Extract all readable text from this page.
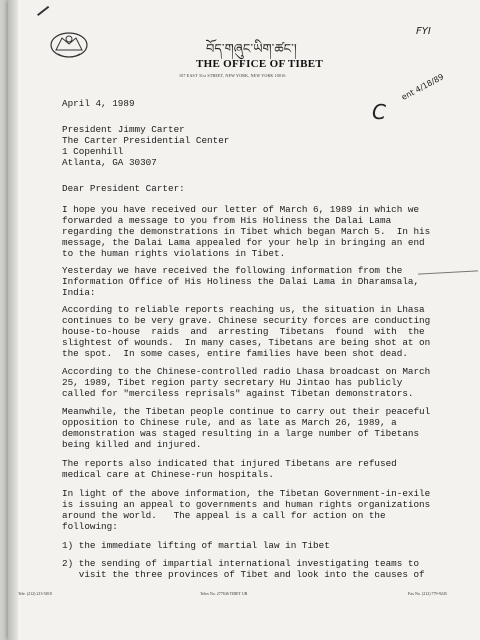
བོད་གཞུང་ཡིག་ཚང་།
THE OFFICE OF TIBET
107 EAST 31st STREET, NEW YORK, NEW YORK 10016
FYI
C
ent 4/18/89
April 4, 1989
President Jimmy Carter
The Carter Presidential Center
1 Copenhill
Atlanta, GA 30307
Dear President Carter:
I hope you have received our letter of March 6, 1989 in which we
forwarded a message to you from His Holiness the Dalai Lama
regarding the demonstrations in Tibet which began March 5.  In his
message, the Dalai Lama appealed for your help in bringing an end
to the human rights violations in Tibet.
Yesterday we have received the following information from the
Information Office of His Holiness the Dalai Lama in Dharamsala,
India:
According to reliable reports reaching us, the situation in Lhasa
continues to be very grave. Chinese security forces are conducting
house-to-house  raids  and  arresting  Tibetans  found  with  the
slightest of wounds.  In many cases, Tibetans are being shot at on
the spot.  In some cases, entire families have been shot dead.
According to the Chinese-controlled radio Lhasa broadcast on March
25, 1989, Tibet region party secretary Hu Jintao has publicly
called for "merciless reprisals" against Tibetan demonstrators.
Meanwhile, the Tibetan people continue to carry out their peaceful
opposition to Chinese rule, and as late as March 26, 1989, a
demonstration was staged resulting in a large number of Tibetans
being killed and injured.
The reports also indicated that injured Tibetans are refused
medical care at Chinese-run hospitals.
In light of the above information, the Tibetan Government-in-exile
is issuing an appeal to governments and human rights organizations
around the world.   The appeal is a call for action on the
following:
1) the immediate lifting of martial law in Tibet
2) the sending of impartial international investigating teams to
visit the three provinces of Tibet and look into the causes of
Tele. (212) 213-5010	Telex No. 277636 TIBET UR	Fax No. (212) 779-9245
